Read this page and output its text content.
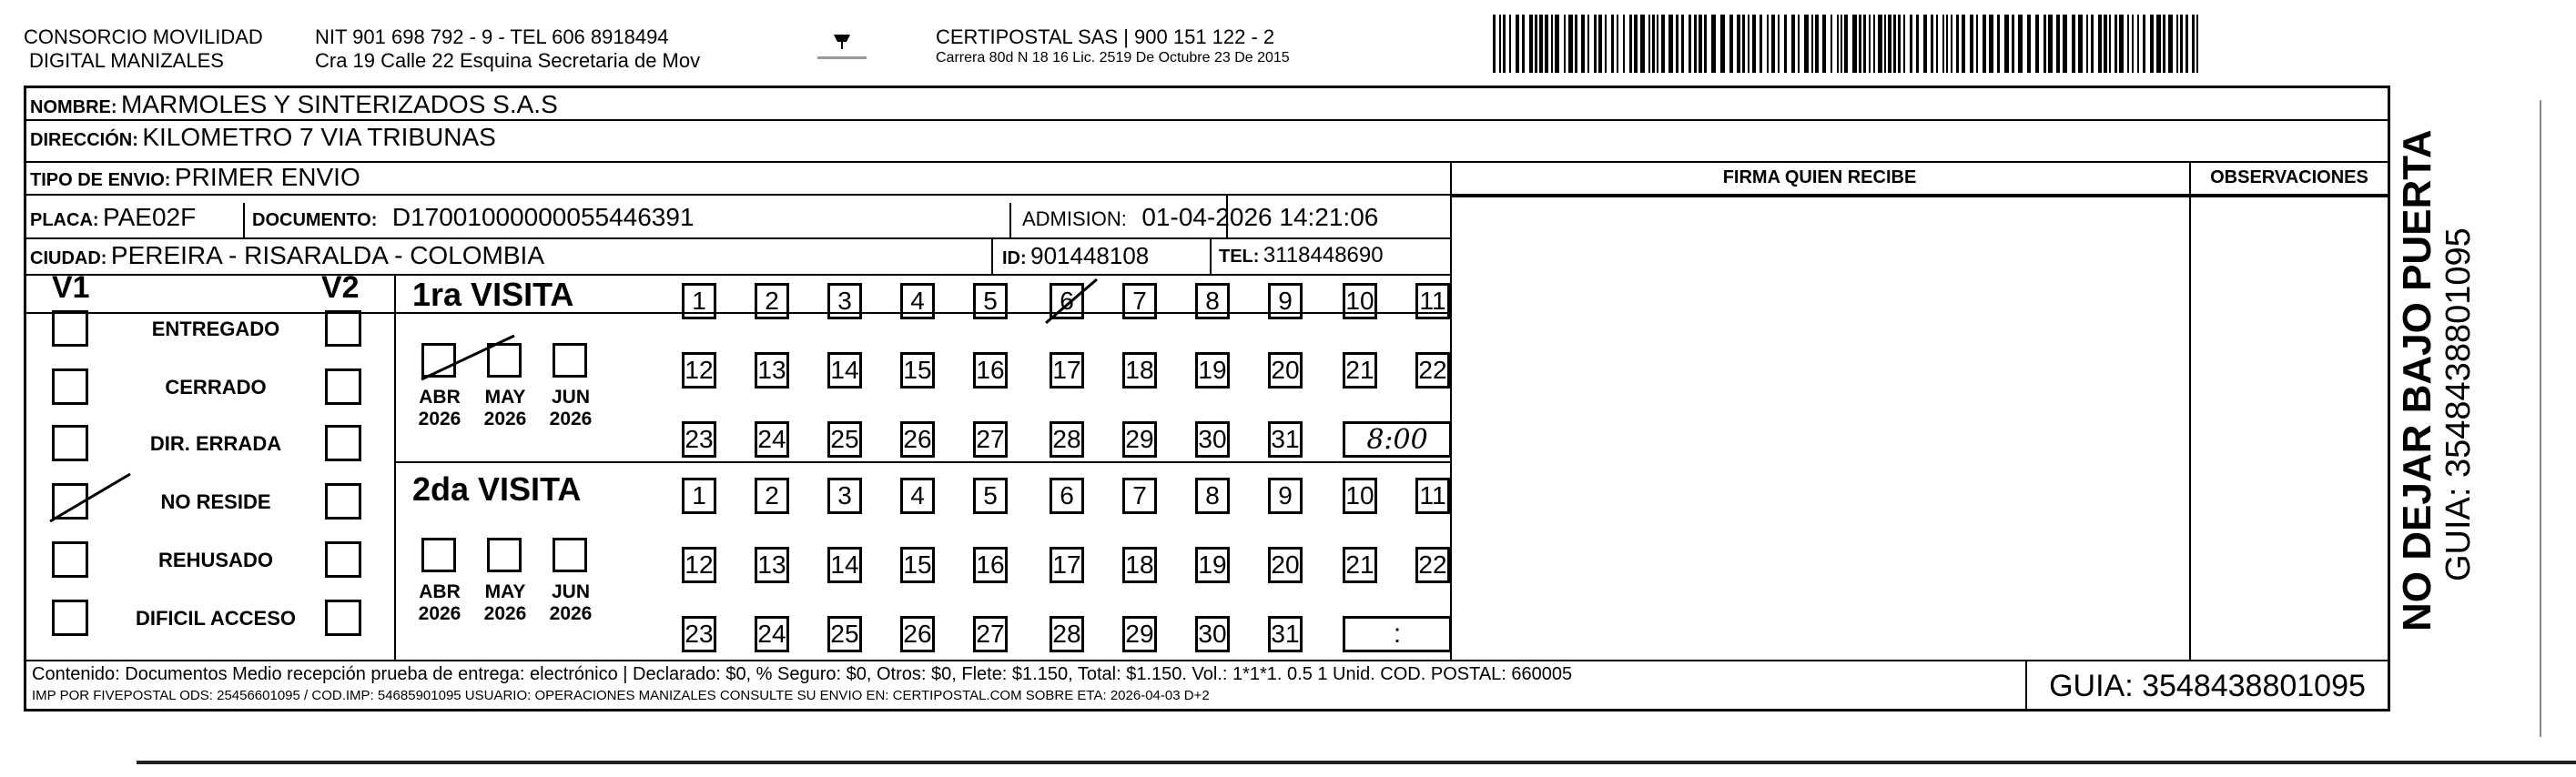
CONSORCIO MOVILIDAD
DIGITAL MANIZALES
NIT 901 698 792 - 9 - TEL 606 8918494
Cra 19 Calle 22 Esquina Secretaria de Mov
CERTIPOSTAL SAS | 900 151 122 - 2
Carrera 80d N 18 16 Lic. 2519 De Octubre 23 De 2015
NOMBRE: MARMOLES Y SINTERIZADOS S.A.S
DIRECCIÓN: KILOMETRO 7 VIA TRIBUNAS
TIPO DE ENVIO: PRIMER ENVIO	FIRMA QUIEN RECIBE	OBSERVACIONES
PLACA: PAE02F	DOCUMENTO: D17001000000055446391	ADMISION: 01-04-2026 14:21:06
CIUDAD: PEREIRA - RISARALDA - COLOMBIA	ID: 901448108	TEL: 3118448690
V1	V2
ENTREGADO
CERRADO
DIR. ERRADA
NO RESIDE
REHUSADO
DIFICIL ACCESO
1ra VISITA
ABR
2026
MAY
2026
JUN
2026
1	2	3	4	5	6	7	8	9	10 11
12 13 14 15 16 17 18 19 20 21 22
23 24 25 26 27 28 29 30 31	8:00
2da VISITA
ABR
2026
MAY
2026
JUN
2026
1	2	3	4	5	6	7	8	9	10 11
12 13 14 15 16 17 18 19 20 21 22
23 24 25 26 27 28 29 30 31	:
Contenido: Documentos Medio recepción prueba de entrega: electrónico | Declarado: $0, % Seguro: $0, Otros: $0, Flete: $1.150, Total: $1.150. Vol.: 1*1*1. 0.5 1 Unid. COD. POSTAL: 660005
IMP POR FIVEPOSTAL ODS: 25456601095 / COD.IMP: 54685901095 USUARIO: OPERACIONES MANIZALES CONSULTE SU ENVIO EN: CERTIPOSTAL.COM SOBRE ETA: 2026-04-03 D+2	GUIA: 3548438801095
NO DEJAR BAJO PUERTA GUIA: 3548438801095
